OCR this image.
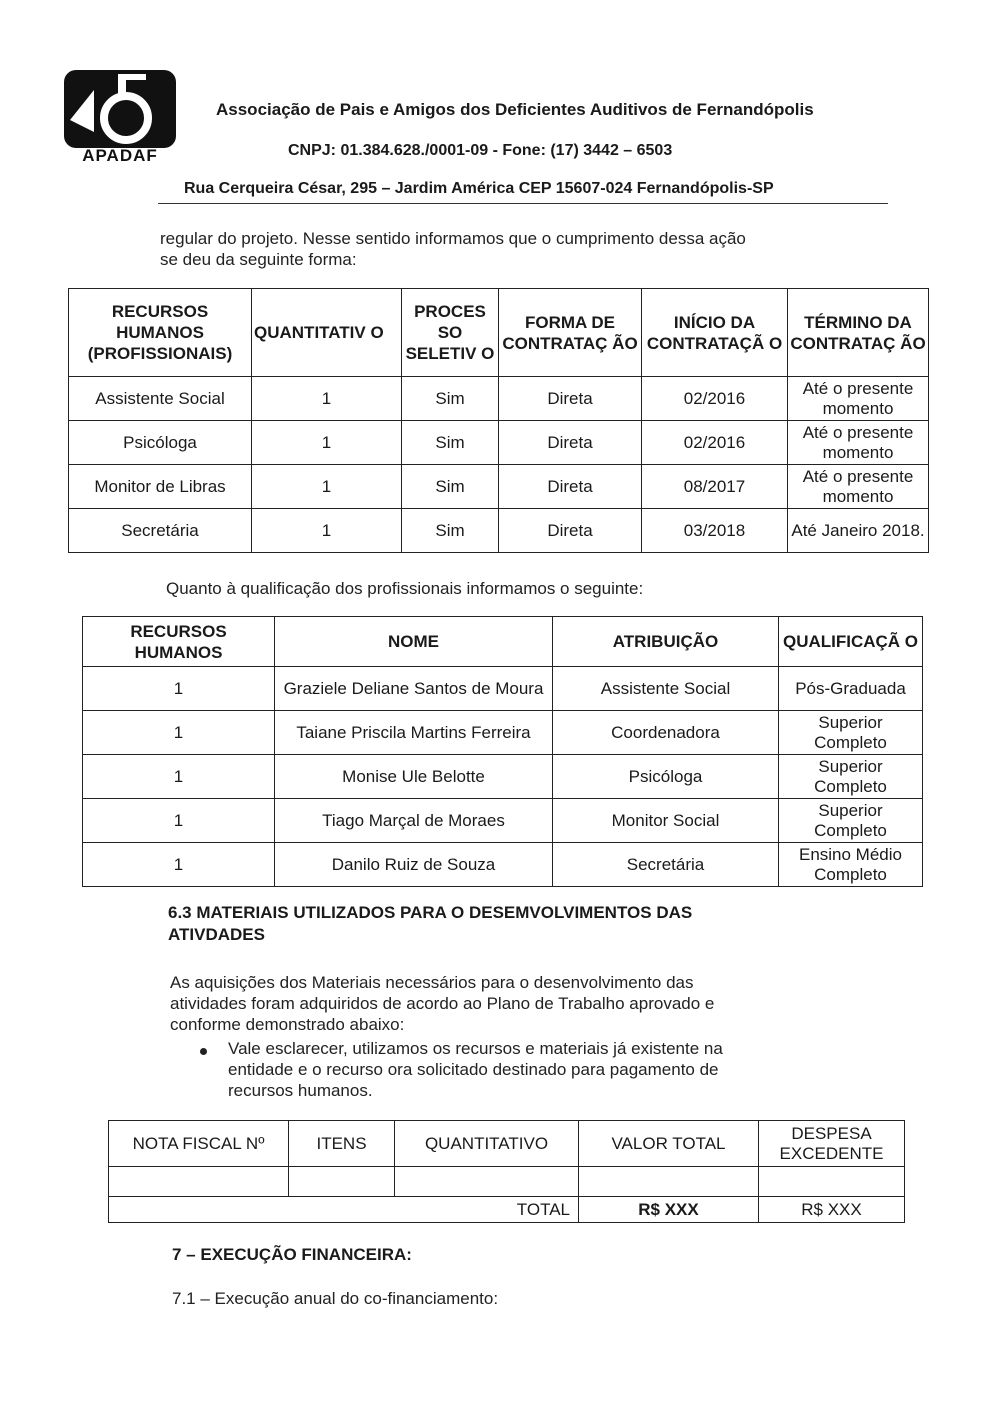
APADAF
Associação de Pais e Amigos dos Deficientes Auditivos de Fernandópolis
CNPJ: 01.384.628./0001-09 - Fone: (17) 3442 – 6503
Rua Cerqueira César, 295 – Jardim América CEP 15607-024 Fernandópolis-SP
regular do projeto. Nesse sentido informamos que o cumprimento dessa ação
se deu da seguinte forma:
RECURSOS HUMANOS (PROFISSIONAIS)	QUANTITATIV O	PROCES SO SELETIV O	FORMA DE CONTRATAÇ ÃO	INÍCIO DA CONTRATAÇÃ O	TÉRMINO DA CONTRATAÇ ÃO
Assistente Social	1	Sim	Direta	02/2016	Até o presente momento
Psicóloga	1	Sim	Direta	02/2016	Até o presente momento
Monitor de Libras	1	Sim	Direta	08/2017	Até o presente momento
Secretária	1	Sim	Direta	03/2018	Até Janeiro 2018.
Quanto à qualificação dos profissionais informamos o seguinte:
RECURSOS HUMANOS	NOME	ATRIBUIÇÃO	QUALIFICAÇÃ O
1	Graziele Deliane Santos de Moura	Assistente Social	Pós-Graduada
1	Taiane Priscila Martins Ferreira	Coordenadora	Superior Completo
1	Monise Ule Belotte	Psicóloga	Superior Completo
1	Tiago Marçal de Moraes	Monitor Social	Superior Completo
1	Danilo Ruiz de Souza	Secretária	Ensino Médio Completo
6.3 MATERIAIS UTILIZADOS PARA O DESEMVOLVIMENTOS DAS
ATIVDADES
As aquisições dos Materiais necessários para o desenvolvimento das
atividades foram adquiridos de acordo ao Plano de Trabalho aprovado e
conforme demonstrado abaixo:
Vale esclarecer, utilizamos os recursos e materiais já existente na
entidade e o recurso ora solicitado destinado para pagamento de
recursos humanos.
NOTA FISCAL Nº	ITENS	QUANTITATIVO	VALOR TOTAL	DESPESA EXCEDENTE

TOTAL			R$ XXX	R$ XXX
7 – EXECUÇÃO FINANCEIRA:
7.1 – Execução anual do co-financiamento:
